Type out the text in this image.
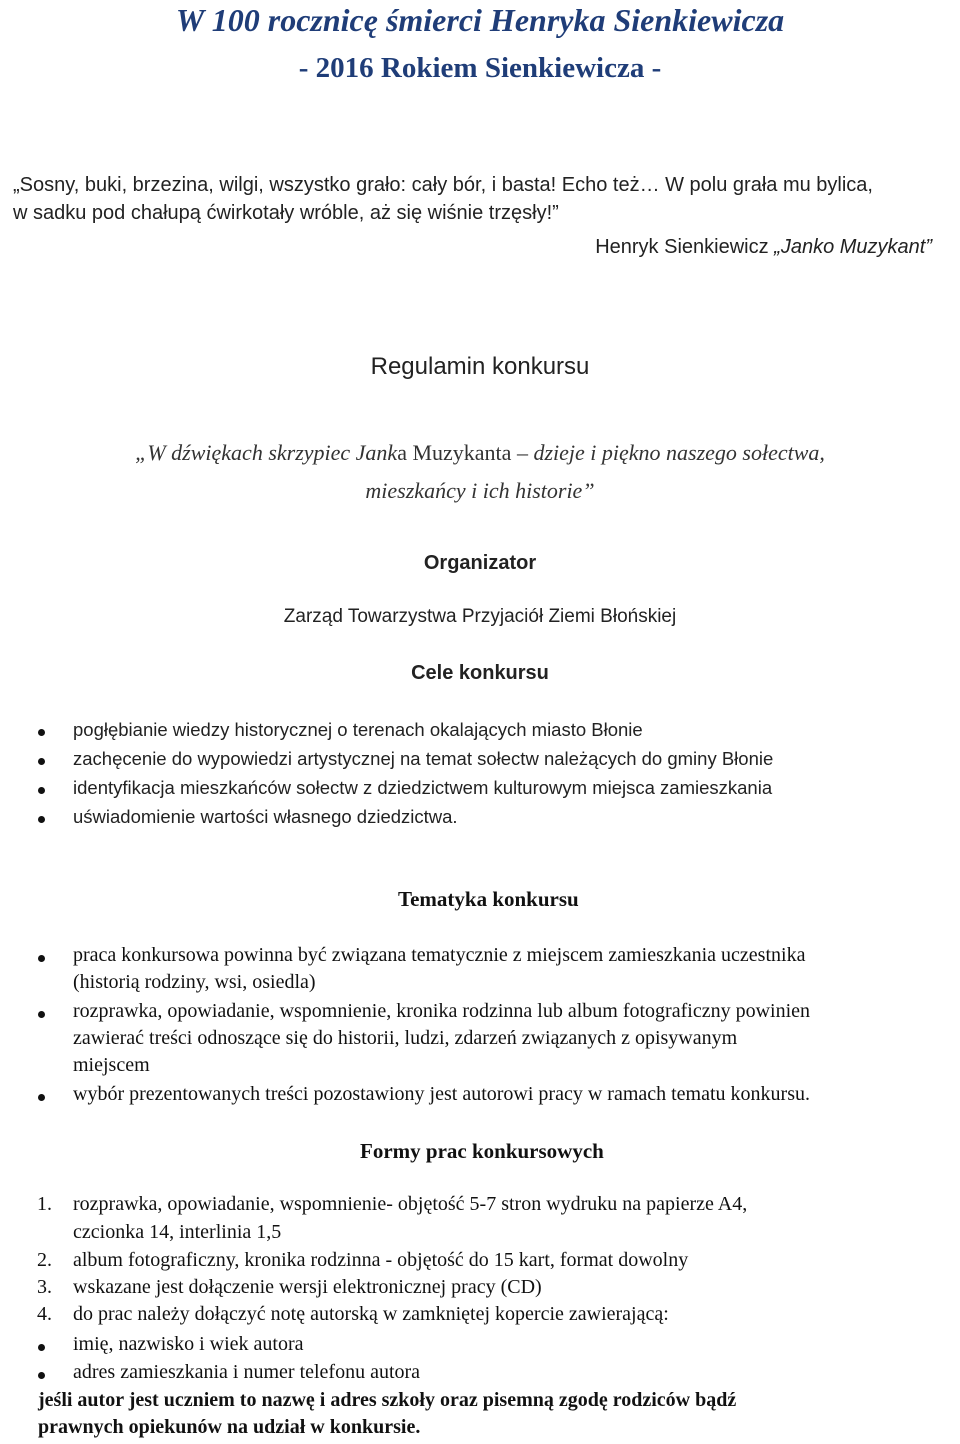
W 100 rocznicę śmierci Henryka Sienkiewicza
- 2016 Rokiem Sienkiewicza -
„Sosny, buki, brzezina, wilgi, wszystko grało: cały bór, i basta! Echo też… W polu grała mu bylica,
w sadku pod chałupą ćwirkotały wróble, aż się wiśnie trzęsły!”
Henryk Sienkiewicz „Janko Muzykant”
Regulamin konkursu
„W dźwiękach skrzypiec Janka Muzykanta – dzieje i piękno naszego sołectwa,
mieszkańcy i ich historie”
Organizator
Zarząd Towarzystwa Przyjaciół Ziemi Błońskiej
Cele konkursu
pogłębianie wiedzy historycznej o terenach okalających miasto Błonie
zachęcenie do wypowiedzi artystycznej na temat sołectw należących do gminy Błonie
identyfikacja mieszkańców sołectw z dziedzictwem kulturowym miejsca zamieszkania
uświadomienie wartości własnego dziedzictwa.
Tematyka konkursu
praca konkursowa powinna być związana tematycznie z miejscem zamieszkania uczestnika
(historią rodziny, wsi, osiedla)
rozprawka, opowiadanie, wspomnienie, kronika rodzinna lub album fotograficzny powinien
zawierać treści odnoszące się do historii, ludzi, zdarzeń związanych z opisywanym
miejscem
wybór prezentowanych treści pozostawiony jest autorowi pracy w ramach tematu konkursu.
Formy prac konkursowych
1. rozprawka, opowiadanie, wspomnienie- objętość 5-7 stron wydruku na papierze A4,
czcionka 14, interlinia 1,5
2. album fotograficzny, kronika rodzinna - objętość do 15 kart, format dowolny
3. wskazane jest dołączenie wersji elektronicznej pracy (CD)
4. do prac należy dołączyć notę autorską w zamkniętej kopercie zawierającą:
imię, nazwisko i wiek autora
adres zamieszkania i numer telefonu autora
jeśli autor jest uczniem to nazwę i adres szkoły oraz pisemną zgodę rodziców bądź
prawnych opiekunów na udział w konkursie.
